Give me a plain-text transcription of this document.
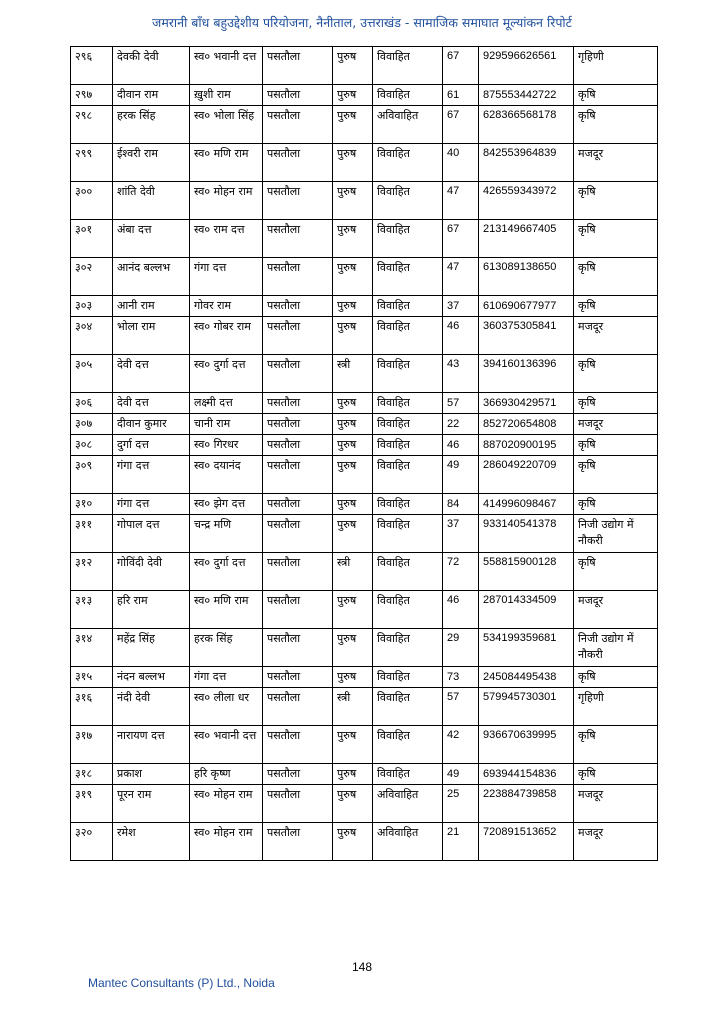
जमरानी बाँध बहुउद्देशीय परियोजना, नैनीताल, उत्तराखंड - सामाजिक समाघात मूल्यांकन रिपोर्ट
२९६	देवकी देवी	स्व० भवानी दत्त	पसतौला	पुरुष	विवाहित	67	929596626561	गृहिणी
२९७	दीवान राम	ख़ुशी राम	पसतौला	पुरुष	विवाहित	61	875553442722	कृषि
२९८	हरक सिंह	स्व० भोला सिंह	पसतौला	पुरुष	अविवाहित	67	628366568178	कृषि
२९९	ईश्वरी राम	स्व० मणि राम	पसतौला	पुरुष	विवाहित	40	842553964839	मजदूर
३००	शांति देवी	स्व० मोहन राम	पसतौला	पुरुष	विवाहित	47	426559343972	कृषि
३०१	अंबा दत्त	स्व० राम दत्त	पसतौला	पुरुष	विवाहित	67	213149667405	कृषि
३०२	आनंद बल्लभ	गंगा दत्त	पसतौला	पुरुष	विवाहित	47	613089138650	कृषि
३०३	आनी राम	गोवर राम	पसतौला	पुरुष	विवाहित	37	610690677977	कृषि
३०४	भोला राम	स्व० गोबर राम	पसतौला	पुरुष	विवाहित	46	360375305841	मजदूर
३०५	देवी दत्त	स्व० दुर्गा दत्त	पसतौला	स्त्री	विवाहित	43	394160136396	कृषि
३०६	देवी दत्त	लक्ष्मी दत्त	पसतौला	पुरुष	विवाहित	57	366930429571	कृषि
३०७	दीवान कुमार	चानी राम	पसतौला	पुरुष	विवाहित	22	852720654808	मजदूर
३०८	दुर्गा दत्त	स्व० गिरधर	पसतौला	पुरुष	विवाहित	46	887020900195	कृषि
३०९	गंगा दत्त	स्व० दयानंद	पसतौला	पुरुष	विवाहित	49	286049220709	कृषि
३१०	गंगा दत्त	स्व० झेग दत्त	पसतौला	पुरुष	विवाहित	84	414996098467	कृषि
३११	गोपाल दत्त	चन्द्र मणि	पसतौला	पुरुष	विवाहित	37	933140541378	निजी उद्योग में नौकरी
३१२	गोविंदी देवी	स्व० दुर्गा दत्त	पसतौला	स्त्री	विवाहित	72	558815900128	कृषि
३१३	हरि राम	स्व० मणि राम	पसतौला	पुरुष	विवाहित	46	287014334509	मजदूर
३१४	महेंद्र सिंह	हरक सिंह	पसतौला	पुरुष	विवाहित	29	534199359681	निजी उद्योग में नौकरी
३१५	नंदन बल्लभ	गंगा दत्त	पसतौला	पुरुष	विवाहित	73	245084495438	कृषि
३१६	नंदी देवी	स्व० लीला धर	पसतौला	स्त्री	विवाहित	57	579945730301	गृहिणी
३१७	नारायण दत्त	स्व० भवानी दत्त	पसतौला	पुरुष	विवाहित	42	936670639995	कृषि
३१८	प्रकाश	हरि कृष्ण	पसतौला	पुरुष	विवाहित	49	693944154836	कृषि
३१९	पूरन राम	स्व० मोहन राम	पसतौला	पुरुष	अविवाहित	25	223884739858	मजदूर
३२०	रमेश	स्व० मोहन राम	पसतौला	पुरुष	अविवाहित	21	720891513652	मजदूर
148
Mantec Consultants (P) Ltd., Noida
